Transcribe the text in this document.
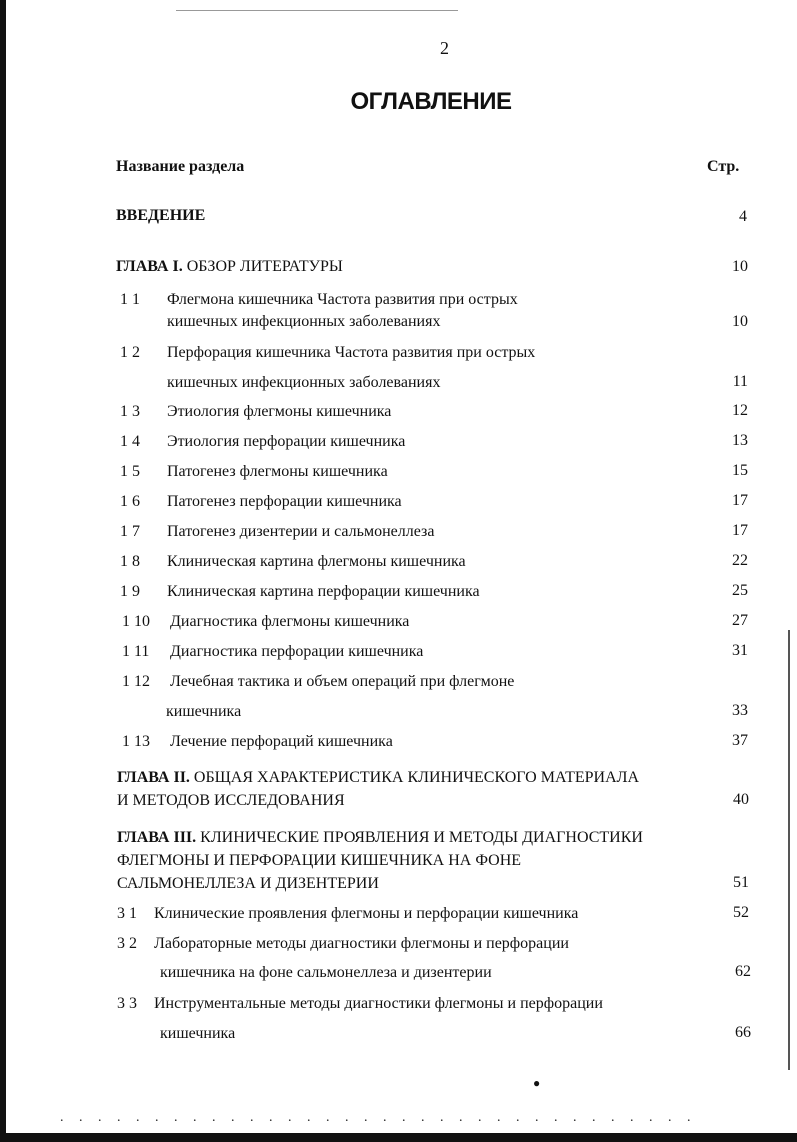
●
. . . . . . . . . . . . . . . . . . . . . . . . . . . . . . . . . .
2
ОГЛАВЛЕНИЕ
Название раздела	Стр.
ВВЕДЕНИЕ	4
ГЛАВА I. ОБЗОР ЛИТЕРАТУРЫ	10
1 1 Флегмона кишечника Частота развития при острых
кишечных инфекционных заболеваниях	10
1 2 Перфорация кишечника Частота развития при острых
кишечных инфекционных заболеваниях	11
1 3 Этиология флегмоны кишечника	12
1 4 Этиология перфорации кишечника	13
1 5 Патогенез флегмоны кишечника	15
1 6 Патогенез перфорации кишечника	17
1 7 Патогенез дизентерии и сальмонеллеза	17
1 8 Клиническая картина флегмоны кишечника	22
1 9 Клиническая картина перфорации кишечника	25
1 10 Диагностика флегмоны кишечника	27
1 11 Диагностика перфорации кишечника	31
1 12 Лечебная тактика и объем операций при флегмоне
кишечника	33
1 13 Лечение перфораций кишечника	37
ГЛАВА II. ОБЩАЯ ХАРАКТЕРИСТИКА КЛИНИЧЕСКОГО МАТЕРИАЛА
И МЕТОДОВ ИССЛЕДОВАНИЯ	40
ГЛАВА III. КЛИНИЧЕСКИЕ ПРОЯВЛЕНИЯ И МЕТОДЫ ДИАГНОСТИКИ
ФЛЕГМОНЫ И ПЕРФОРАЦИИ КИШЕЧНИКА НА ФОНЕ
САЛЬМОНЕЛЛЕЗА И ДИЗЕНТЕРИИ	51
3 1 Клинические проявления флегмоны и перфорации кишечника	52
3 2 Лабораторные методы диагностики флегмоны и перфорации
кишечника на фоне сальмонеллеза и дизентерии	62
3 3 Инструментальные методы диагностики флегмоны и перфорации
кишечника	66
